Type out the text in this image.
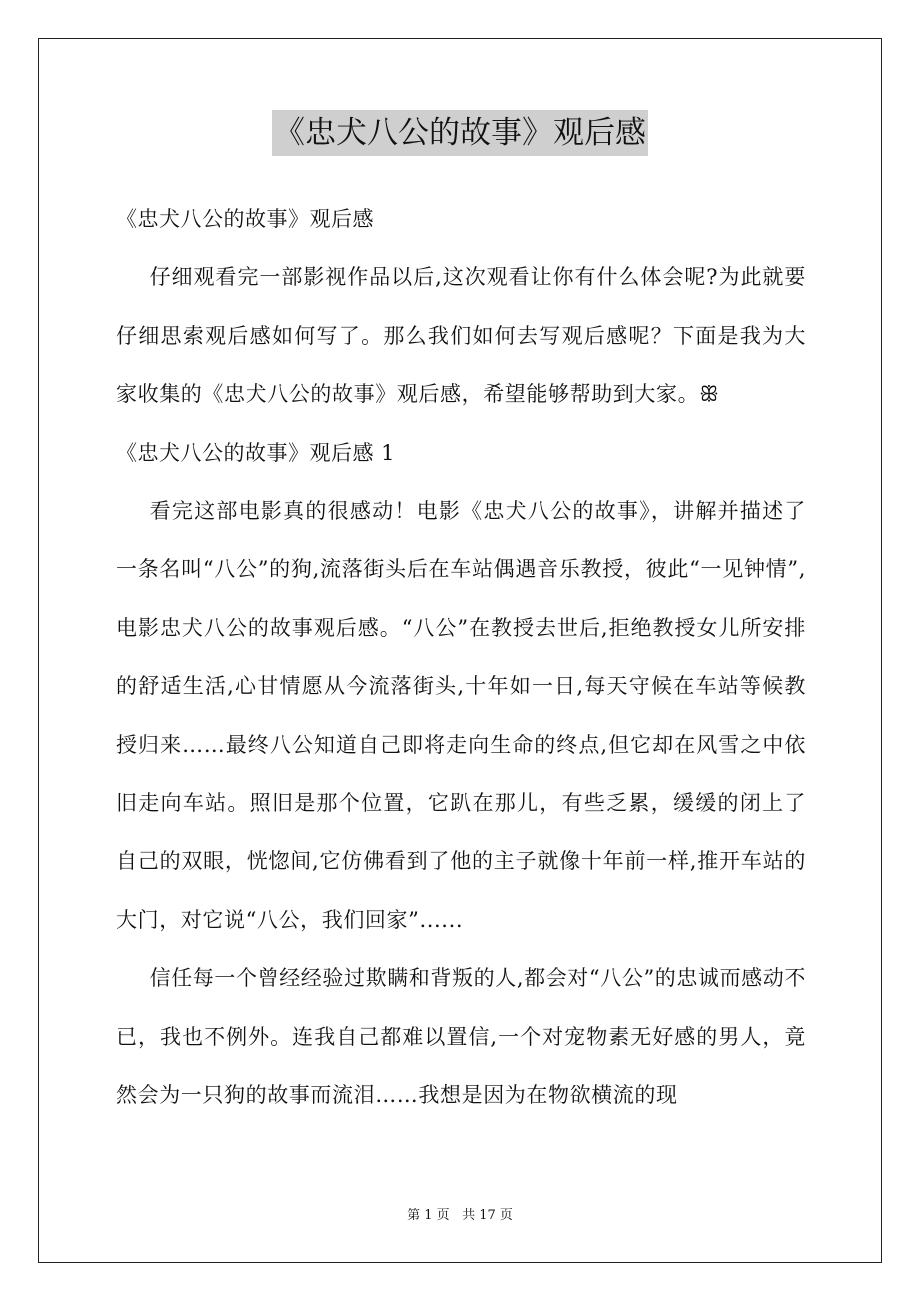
《忠犬八公的故事》观后感

《忠犬八公的故事》观后感

仔细观看完一部影视作品以后,这次观看让你有什么体会呢?为此就要仔细思索观后感如何写了。那么我们如何去写观后感呢？下面是我为大家收集的《忠犬八公的故事》观后感，希望能够帮助到大家。ꕥ

《忠犬八公的故事》观后感 1

看完这部电影真的很感动！电影《忠犬八公的故事》，讲解并描述了一条名叫“八公”的狗,流落街头后在车站偶遇音乐教授，彼此“一见钟情”,电影忠犬八公的故事观后感。“八公”在教授去世后,拒绝教授女儿所安排的舒适生活,心甘情愿从今流落街头,十年如一日,每天守候在车站等候教授归来……最终八公知道自己即将走向生命的终点,但它却在风雪之中依旧走向车站。照旧是那个位置，它趴在那儿，有些乏累，缓缓的闭上了自己的双眼，恍惚间,它仿佛看到了他的主子就像十年前一样,推开车站的大门，对它说“八公，我们回家”......

信任每一个曾经经验过欺瞒和背叛的人,都会对“八公”的忠诚而感动不已，我也不例外。连我自己都难以置信,一个对宠物素无好感的男人，竟然会为一只狗的故事而流泪……我想是因为在物欲横流的现

第 1 页 共 17 页
